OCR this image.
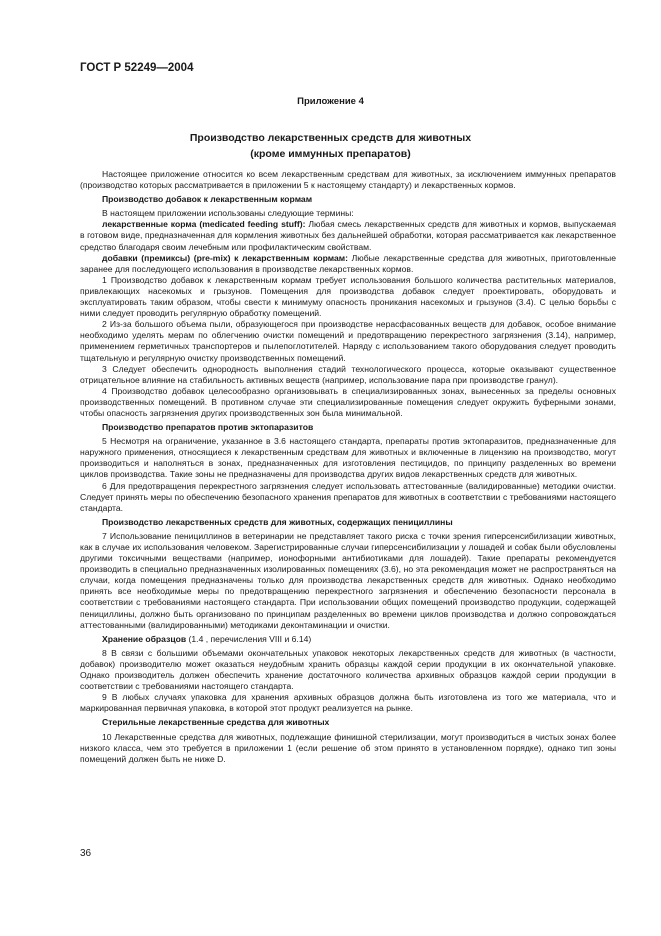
ГОСТ Р 52249—2004
Приложение 4
Производство лекарственных средств для животных
(кроме иммунных препаратов)

Настоящее приложение относится ко всем лекарственным средствам для животных, за исключением иммунных препаратов (производство которых рассматривается в приложении 5 к настоящему стандарту) и лекарственных кормов.

Производство добавок к лекарственным кормам

В настоящем приложении использованы следующие термины:

лекарственные корма (medicated feeding stuff): Любая смесь лекарственных средств для животных и кормов, выпускаемая в готовом виде, предназначенная для кормления животных без дальнейшей обработки, которая рассматривается как лекарственное средство благодаря своим лечебным или профилактическим свойствам.

добавки (премиксы) (pre-mix) к лекарственным кормам: Любые лекарственные средства для животных, приготовленные заранее для последующего использования в производстве лекарственных кормов.

1 Производство добавок к лекарственным кормам требует использования большого количества растительных материалов, привлекающих насекомых и грызунов. Помещения для производства добавок следует проектировать, оборудовать и эксплуатировать таким образом, чтобы свести к минимуму опасность проникания насекомых и грызунов (3.4). С целью борьбы с ними следует проводить регулярную обработку помещений.

2 Из-за большого объема пыли, образующегося при производстве нерасфасованных веществ для добавок, особое внимание необходимо уделять мерам по облегчению очистки помещений и предотвращению перекрестного загрязнения (3.14), например, применением герметичных транспортеров и пылепоглотителей. Наряду с использованием такого оборудования следует проводить тщательную и регулярную очистку производственных помещений.

3 Следует обеспечить однородность выполнения стадий технологического процесса, которые оказывают существенное отрицательное влияние на стабильность активных веществ (например, использование пара при производстве гранул).

4 Производство добавок целесообразно организовывать в специализированных зонах, вынесенных за пределы основных производственных помещений. В противном случае эти специализированные помещения следует окружить буферными зонами, чтобы опасность загрязнения других производственных зон была минимальной.

Производство препаратов против эктопаразитов

5 Несмотря на ограничение, указанное в 3.6 настоящего стандарта, препараты против эктопаразитов, предназначенные для наружного применения, относящиеся к лекарственным средствам для животных и включенные в лицензию на производство, могут производиться и наполняться в зонах, предназначенных для изготовления пестицидов, по принципу разделенных во времени циклов производства. Такие зоны не предназначены для производства других видов лекарственных средств для животных.

6 Для предотвращения перекрестного загрязнения следует использовать аттестованные (валидированные) методики очистки. Следует принять меры по обеспечению безопасного хранения препаратов для животных в соответствии с требованиями настоящего стандарта.

Производство лекарственных средств для животных, содержащих пенициллины

7 Использование пенициллинов в ветеринарии не представляет такого риска с точки зрения гиперсенсибилизации животных, как в случае их использования человеком. Зарегистрированные случаи гиперсенсибилизации у лошадей и собак были обусловлены другими токсичными веществами (например, ионофорными антибиотиками для лошадей). Такие препараты рекомендуется производить в специально предназначенных изолированных помещениях (3.6), но эта рекомендация может не распространяться на случаи, когда помещения предназначены только для производства лекарственных средств для животных. Однако необходимо принять все необходимые меры по предотвращению перекрестного загрязнения и обеспечению безопасности персонала в соответствии с требованиями настоящего стандарта. При использовании общих помещений производство продукции, содержащей пенициллины, должно быть организовано по принципам разделенных во времени циклов производства и должно сопровождаться аттестованными (валидированными) методиками деконтаминации и очистки.

Хранение образцов (1.4 , перечисления VIII и 6.14)

8 В связи с большими объемами окончательных упаковок некоторых лекарственных средств для животных (в частности, добавок) производителю может оказаться неудобным хранить образцы каждой серии продукции в их окончательной упаковке. Однако производитель должен обеспечить хранение достаточного количества архивных образцов каждой серии продукции в соответствии с требованиями настоящего стандарта.

9 В любых случаях упаковка для хранения архивных образцов должна быть изготовлена из того же материала, что и маркированная первичная упаковка, в которой этот продукт реализуется на рынке.

Стерильные лекарственные средства для животных

10 Лекарственные средства для животных, подлежащие финишной стерилизации, могут производиться в чистых зонах более низкого класса, чем это требуется в приложении 1 (если решение об этом принято в установленном порядке), однако тип зоны помещений должен быть не ниже D.

36
